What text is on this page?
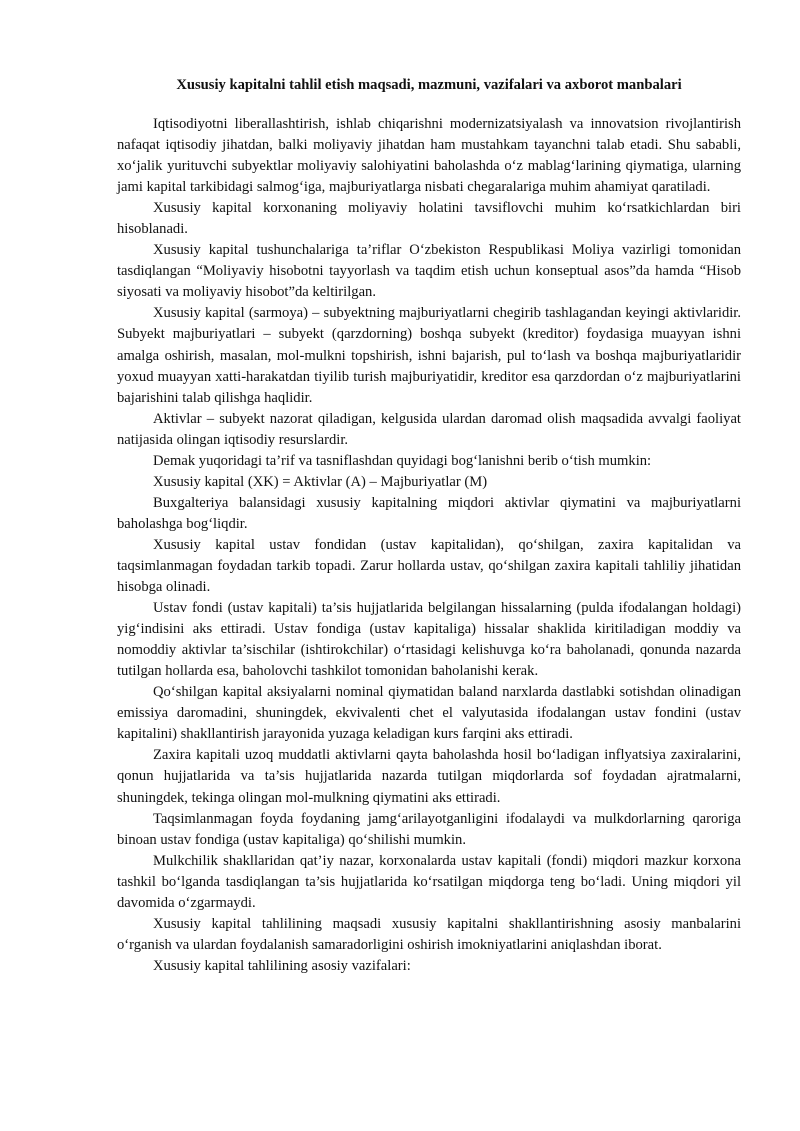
Xususiy kapitalni tahlil etish maqsadi, mazmuni, vazifalari va axborot manbalari

Iqtisodiyotni liberallashtirish, ishlab chiqarishni modernizatsiyalash va innovatsion rivojlantirish nafaqat iqtisodiy jihatdan, balki moliyaviy jihatdan ham mustahkam tayanchni talab etadi. Shu sababli, xo‘jalik yurituvchi subyektlar moliyaviy salohiyatini baholashda o‘z mablag‘larining qiymatiga, ularning jami kapital tarkibidagi salmog‘iga, majburiyatlarga nisbati chegaralariga muhim ahamiyat qaratiladi.

Xususiy kapital korxonaning moliyaviy holatini tavsiflovchi muhim ko‘rsatkichlardan biri hisoblanadi.

Xususiy kapital tushunchalariga ta’riflar O‘zbekiston Respublikasi Moliya vazirligi tomonidan tasdiqlangan “Moliyaviy hisobotni tayyorlash va taqdim etish uchun konseptual asos”da hamda “Hisob siyosati va moliyaviy hisobot”da keltirilgan.

Xususiy kapital (sarmoya) – subyektning majburiyatlarni chegirib tashlagandan keyingi aktivlaridir. Subyekt majburiyatlari – subyekt (qarzdorning) boshqa subyekt (kreditor) foydasiga muayyan ishni amalga oshirish, masalan, mol-mulkni topshirish, ishni bajarish, pul to‘lash va boshqa majburiyatlaridir yoxud muayyan xatti-harakatdan tiyilib turish majburiyatidir, kreditor esa qarzdordan o‘z majburiyatlarini bajarishini talab qilishga haqlidir.

Aktivlar – subyekt nazorat qiladigan, kelgusida ulardan daromad olish maqsadida avvalgi faoliyat natijasida olingan iqtisodiy resurslardir.

Demak yuqoridagi ta’rif va tasniflashdan quyidagi bog‘lanishni berib o‘tish mumkin:

Xususiy kapital (XK) = Aktivlar (A) – Majburiyatlar (M)

Buxgalteriya balansidagi xususiy kapitalning miqdori aktivlar qiymatini va majburiyatlarni baholashga bog‘liqdir.

Xususiy kapital ustav fondidan (ustav kapitalidan), qo‘shilgan, zaxira kapitalidan va taqsimlanmagan foydadan tarkib topadi. Zarur hollarda ustav, qo‘shilgan zaxira kapitali tahliliy jihatidan hisobga olinadi.

Ustav fondi (ustav kapitali) ta’sis hujjatlarida belgilangan hissalarning (pulda ifodalangan holdagi) yig‘indisini aks ettiradi. Ustav fondiga (ustav kapitaliga) hissalar shaklida kiritiladigan moddiy va nomoddiy aktivlar ta’sischilar (ishtirokchilar) o‘rtasidagi kelishuvga ko‘ra baholanadi, qonunda nazarda tutilgan hollarda esa, baholovchi tashkilot tomonidan baholanishi kerak.

Qo‘shilgan kapital aksiyalarni nominal qiymatidan baland narxlarda dastlabki sotishdan olinadigan emissiya daromadini, shuningdek, ekvivalenti chet el valyutasida ifodalangan ustav fondini (ustav kapitalini) shakllantirish jarayonida yuzaga keladigan kurs farqini aks ettiradi.

Zaxira kapitali uzoq muddatli aktivlarni qayta baholashda hosil bo‘ladigan inflyatsiya zaxiralarini, qonun hujjatlarida va ta’sis hujjatlarida nazarda tutilgan miqdorlarda sof foydadan ajratmalarni, shuningdek, tekinga olingan mol-mulkning qiymatini aks ettiradi.

Taqsimlanmagan foyda foydaning jamg‘arilayotganligini ifodalaydi va mulkdorlarning qaroriga binoan ustav fondiga (ustav kapitaliga) qo‘shilishi mumkin.

Mulkchilik shakllaridan qat’iy nazar, korxonalarda ustav kapitali (fondi) miqdori mazkur korxona tashkil bo‘lganda tasdiqlangan ta’sis hujjatlarida ko‘rsatilgan miqdorga teng bo‘ladi. Uning miqdori yil davomida o‘zgarmaydi.

Xususiy kapital tahlilining maqsadi xususiy kapitalni shakllantirishning asosiy manbalarini o‘rganish va ulardan foydalanish samaradorligini oshirish imokniyatlarini aniqlashdan iborat.

Xususiy kapital tahlilining asosiy vazifalari:
